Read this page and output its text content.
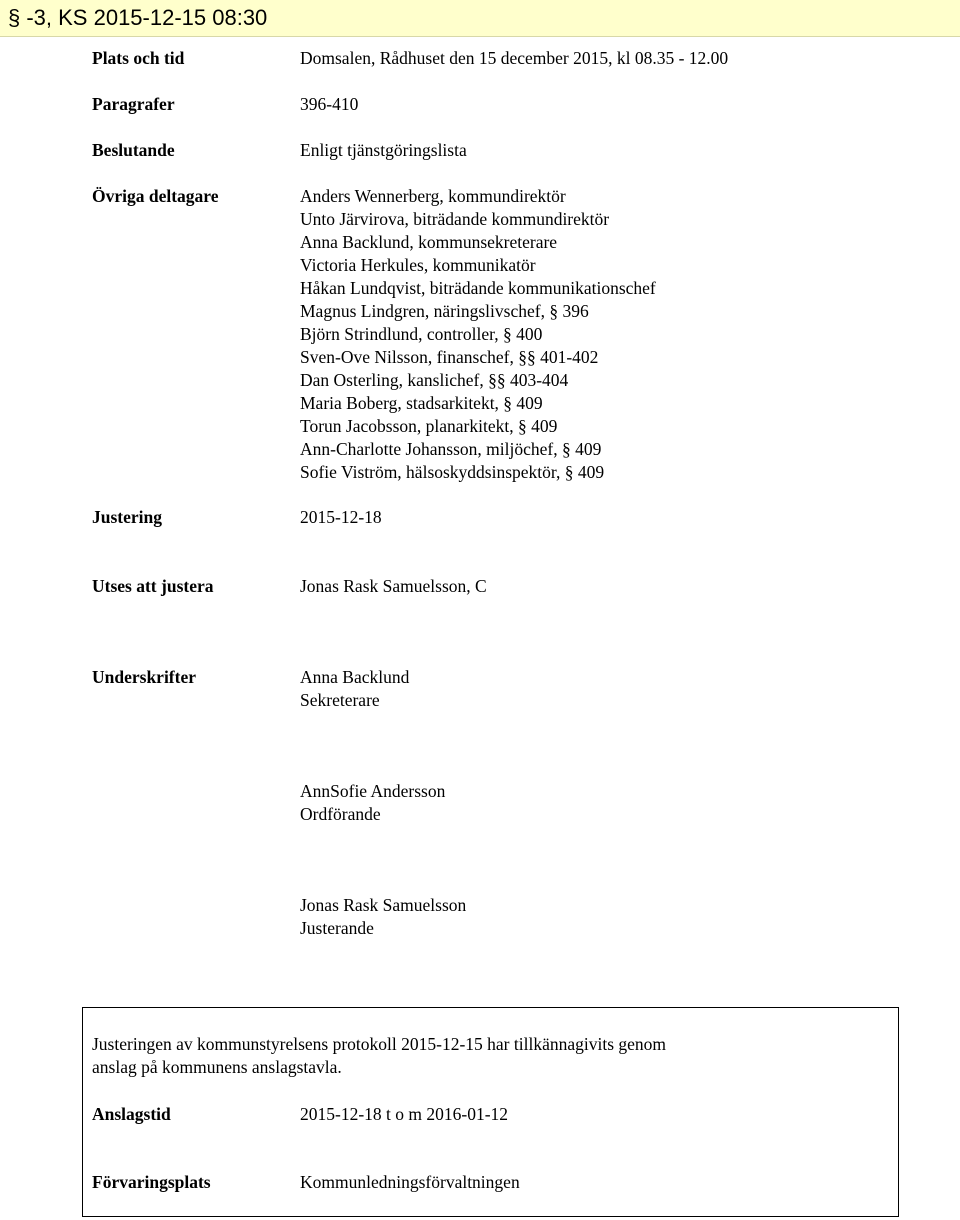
§ -3, KS 2015-12-15 08:30
Plats och tid	Domsalen, Rådhuset den 15 december 2015, kl 08.35 - 12.00
Paragrafer	396-410
Beslutande	Enligt tjänstgöringslista
Övriga deltagare	Anders Wennerberg, kommundirektör
Unto Järvirova, biträdande kommundirektör
Anna Backlund, kommunsekreterare
Victoria Herkules, kommunikatör
Håkan Lundqvist, biträdande kommunikationschef
Magnus Lindgren, näringslivschef, § 396
Björn Strindlund, controller, § 400
Sven-Ove Nilsson, finanschef, §§ 401-402
Dan Osterling, kanslichef, §§ 403-404
Maria Boberg, stadsarkitekt, § 409
Torun Jacobsson, planarkitekt, § 409
Ann-Charlotte Johansson, miljöchef, § 409
Sofie Viström, hälsoskyddsinspektör, § 409
Justering	2015-12-18
Utses att justera	Jonas Rask Samuelsson, C
Underskrifter	Anna Backlund
Sekreterare
AnnSofie Andersson
Ordförande
Jonas Rask Samuelsson
Justerande
Justeringen av kommunstyrelsens protokoll 2015-12-15 har tillkännagivits genom
anslag på kommunens anslagstavla.
Anslagstid	2015-12-18 t o m 2016-01-12
Förvaringsplats	Kommunledningsförvaltningen
